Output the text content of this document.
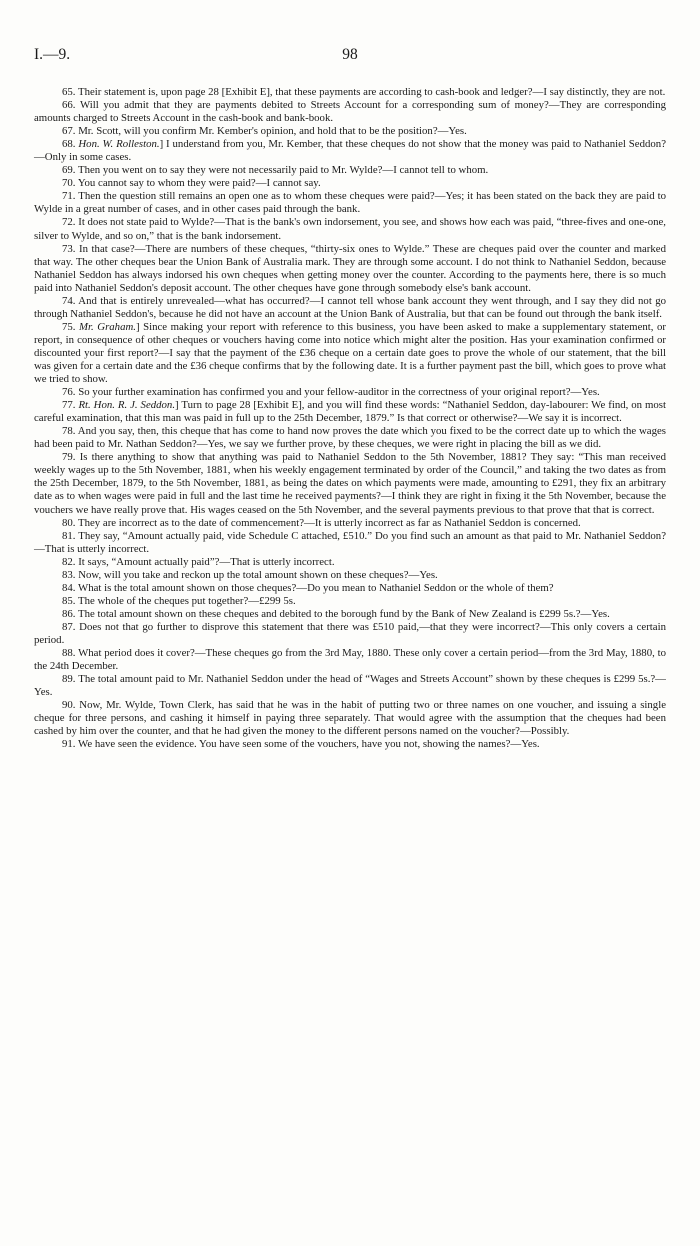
I.—9.	98

65. Their statement is, upon page 28 [Exhibit E], that these payments are according to cash-book and ledger?—I say distinctly, they are not.

66. Will you admit that they are payments debited to Streets Account for a corresponding sum of money?—They are corresponding amounts charged to Streets Account in the cash-book and bank-book.

67. Mr. Scott, will you confirm Mr. Kember's opinion, and hold that to be the position?—Yes.

68. Hon. W. Rolleston.] I understand from you, Mr. Kember, that these cheques do not show that the money was paid to Nathaniel Seddon?—Only in some cases.

69. Then you went on to say they were not necessarily paid to Mr. Wylde?—I cannot tell to whom.

70. You cannot say to whom they were paid?—I cannot say.

71. Then the question still remains an open one as to whom these cheques were paid?—Yes; it has been stated on the back they are paid to Wylde in a great number of cases, and in other cases paid through the bank.

72. It does not state paid to Wylde?—That is the bank's own indorsement, you see, and shows how each was paid, “three-fives and one-one, silver to Wylde, and so on,” that is the bank indorsement.

73. In that case?—There are numbers of these cheques, “thirty-six ones to Wylde.” These are cheques paid over the counter and marked that way. The other cheques bear the Union Bank of Australia mark. They are through some account. I do not think to Nathaniel Seddon, because Nathaniel Seddon has always indorsed his own cheques when getting money over the counter. According to the payments here, there is so much paid into Nathaniel Seddon's deposit account. The other cheques have gone through somebody else's bank account.

74. And that is entirely unrevealed—what has occurred?—I cannot tell whose bank account they went through, and I say they did not go through Nathaniel Seddon's, because he did not have an account at the Union Bank of Australia, but that can be found out through the bank itself.

75. Mr. Graham.] Since making your report with reference to this business, you have been asked to make a supplementary statement, or report, in consequence of other cheques or vouchers having come into notice which might alter the position. Has your examination confirmed or discounted your first report?—I say that the payment of the £36 cheque on a certain date goes to prove the whole of our statement, that the bill was given for a certain date and the £36 cheque confirms that by the following date. It is a further payment past the bill, which goes to prove what we tried to show.

76. So your further examination has confirmed you and your fellow-auditor in the correctness of your original report?—Yes.

77. Rt. Hon. R. J. Seddon.] Turn to page 28 [Exhibit E], and you will find these words: “Nathaniel Seddon, day-labourer: We find, on most careful examination, that this man was paid in full up to the 25th December, 1879.” Is that correct or otherwise?—We say it is incorrect.

78. And you say, then, this cheque that has come to hand now proves the date which you fixed to be the correct date up to which the wages had been paid to Mr. Nathan Seddon?—Yes, we say we further prove, by these cheques, we were right in placing the bill as we did.

79. Is there anything to show that anything was paid to Nathaniel Seddon to the 5th November, 1881? They say: “This man received weekly wages up to the 5th November, 1881, when his weekly engagement terminated by order of the Council,” and taking the two dates as from the 25th December, 1879, to the 5th November, 1881, as being the dates on which payments were made, amounting to £291, they fix an arbitrary date as to when wages were paid in full and the last time he received payments?—I think they are right in fixing it the 5th November, because the vouchers we have really prove that. His wages ceased on the 5th November, and the several payments previous to that prove that that is correct.

80. They are incorrect as to the date of commencement?—It is utterly incorrect as far as Nathaniel Seddon is concerned.

81. They say, “Amount actually paid, vide Schedule C attached, £510.” Do you find such an amount as that paid to Mr. Nathaniel Seddon?—That is utterly incorrect.

82. It says, “Amount actually paid”?—That is utterly incorrect.

83. Now, will you take and reckon up the total amount shown on these cheques?—Yes.

84. What is the total amount shown on those cheques?—Do you mean to Nathaniel Seddon or the whole of them?

85. The whole of the cheques put together?—£299 5s.

86. The total amount shown on these cheques and debited to the borough fund by the Bank of New Zealand is £299 5s.?—Yes.

87. Does not that go further to disprove this statement that there was £510 paid,—that they were incorrect?—This only covers a certain period.

88. What period does it cover?—These cheques go from the 3rd May, 1880. These only cover a certain period—from the 3rd May, 1880, to the 24th December.

89. The total amount paid to Mr. Nathaniel Seddon under the head of “Wages and Streets Account” shown by these cheques is £299 5s.?—Yes.

90. Now, Mr. Wylde, Town Clerk, has said that he was in the habit of putting two or three names on one voucher, and issuing a single cheque for three persons, and cashing it himself in paying three separately. That would agree with the assumption that the cheques had been cashed by him over the counter, and that he had given the money to the different persons named on the voucher?—Possibly.

91. We have seen the evidence. You have seen some of the vouchers, have you not, showing the names?—Yes.
